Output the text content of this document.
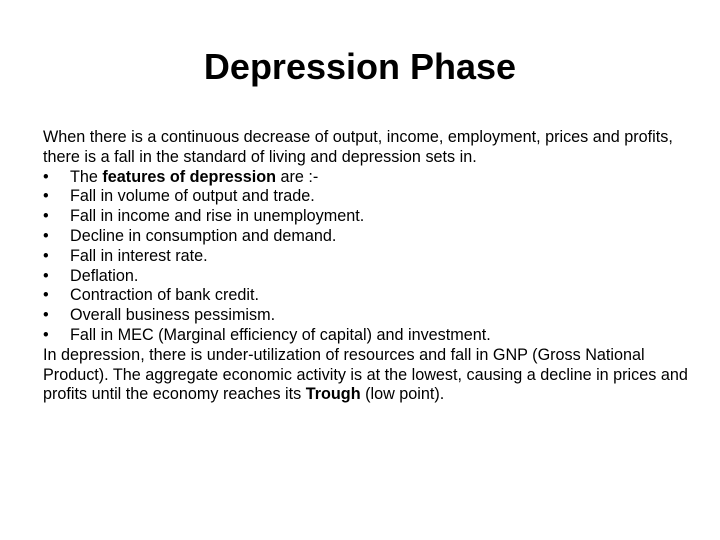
Depression Phase

When there is a continuous decrease of output, income, employment, prices and profits, there is a fall in the standard of living and depression sets in.

• The features of depression are :-
• Fall in volume of output and trade.
• Fall in income and rise in unemployment.
• Decline in consumption and demand.
• Fall in interest rate.
• Deflation.
• Contraction of bank credit.
• Overall business pessimism.
• Fall in MEC (Marginal efficiency of capital) and investment.

In depression, there is under-utilization of resources and fall in GNP (Gross National Product). The aggregate economic activity is at the lowest, causing a decline in prices and profits until the economy reaches its Trough (low point).
